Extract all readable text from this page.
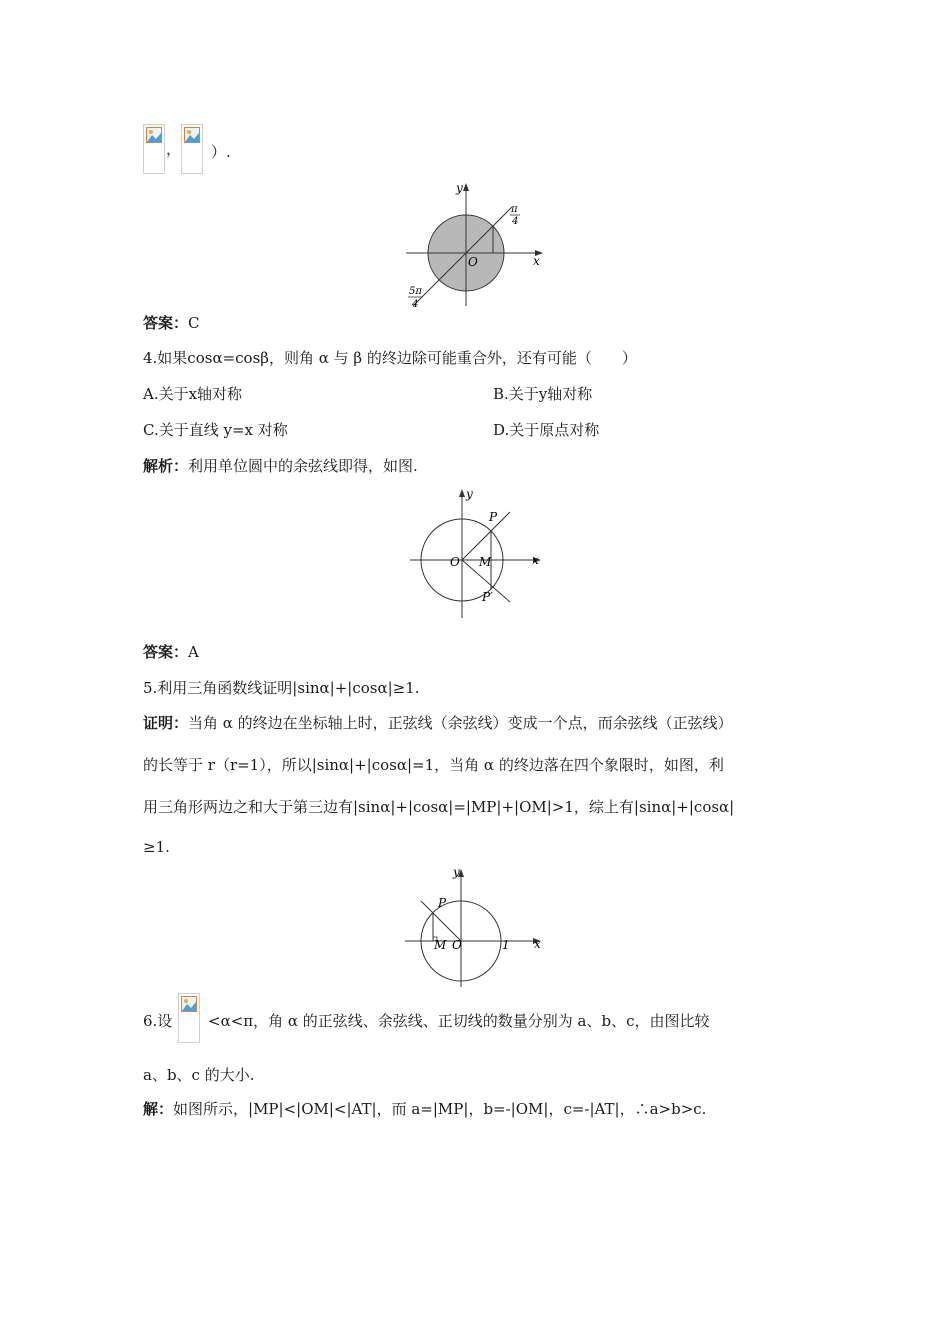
， ）.
y
x
O
π
4
5π
4
答案：C
4.如果cosα=cosβ，则角 α 与 β 的终边除可能重合外，还有可能（　　）
A.关于x轴对称	B.关于y轴对称
C.关于直线 y=x 对称	D.关于原点对称
解析：利用单位圆中的余弦线即得，如图.
y
x
O M
P
P′
答案：A
5.利用三角函数线证明|sinα|+|cosα|≥1.
证明：当角 α 的终边在坐标轴上时，正弦线（余弦线）变成一个点，而余弦线（正弦线）
的长等于 r（r=1），所以|sinα|+|cosα|=1，当角 α 的终边落在四个象限时，如图，利
用三角形两边之和大于第三边有|sinα|+|cosα|=|MP|+|OM|>1，综上有|sinα|+|cosα|
≥1.
y
x
O
M
P
1
6.设 <α<π，角 α 的正弦线、余弦线、正切线的数量分别为 a、b、c，由图比较
a、b、c 的大小.
解：如图所示，|MP|<|OM|<|AT|，而 a=|MP|，b=-|OM|，c=-|AT|，∴a>b>c.
